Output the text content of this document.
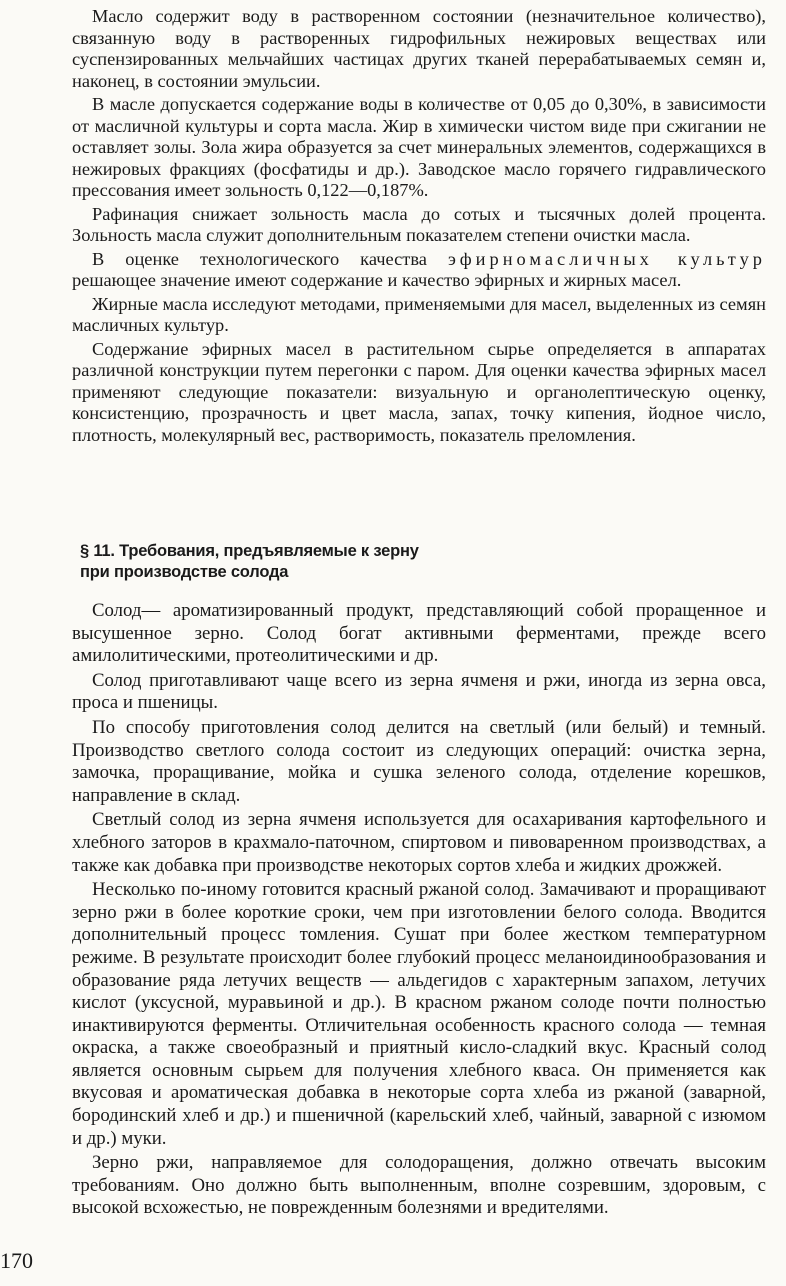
Масло содержит воду в растворенном состоянии (незначительное количество), связанную воду в растворенных гидрофильных нежировых веществах или суспензированных мельчайших частицах других тканей перерабатываемых семян и, наконец, в состоянии эмульсии.

В масле допускается содержание воды в количестве от 0,05 до 0,30%, в зависимости от масличной культуры и сорта масла. Жир в химически чистом виде при сжигании не оставляет золы. Зола жира образуется за счет минеральных элементов, содержащихся в нежировых фракциях (фосфатиды и др.). Заводское масло горячего гидравлического прессования имеет зольность 0,122—0,187%.

Рафинация снижает зольность масла до сотых и тысячных долей процента. Зольность масла служит дополнительным показателем степени очистки масла.

В оценке технологического качества эфирномасличных культур решающее значение имеют содержание и качество эфирных и жирных масел.

Жирные масла исследуют методами, применяемыми для масел, выделенных из семян масличных культур.

Содержание эфирных масел в растительном сырье определяется в аппаратах различной конструкции путем перегонки с паром. Для оценки качества эфирных масел применяют следующие показатели: визуальную и органолептическую оценку, консистенцию, прозрачность и цвет масла, запах, точку кипения, йодное число, плотность, молекулярный вес, растворимость, показатель преломления.

§ 11. Требования, предъявляемые к зерну
при производстве солода

Солод— ароматизированный продукт, представляющий собой проращенное и высушенное зерно. Солод богат активными ферментами, прежде всего амилолитическими, протеолитическими и др.

Солод приготавливают чаще всего из зерна ячменя и ржи, иногда из зерна овса, проса и пшеницы.

По способу приготовления солод делится на светлый (или белый) и темный. Производство светлого солода состоит из следующих операций: очистка зерна, замочка, проращивание, мойка и сушка зеленого солода, отделение корешков, направление в склад.

Светлый солод из зерна ячменя используется для осахаривания картофельного и хлебного заторов в крахмало-паточном, спиртовом и пивоваренном производствах, а также как добавка при производстве некоторых сортов хлеба и жидких дрожжей.

Несколько по-иному готовится красный ржаной солод. Замачивают и проращивают зерно ржи в более короткие сроки, чем при изготовлении белого солода. Вводится дополнительный процесс томления. Сушат при более жестком температурном режиме. В результате происходит более глубокий процесс меланоидинообразования и образование ряда летучих веществ — альдегидов с характерным запахом, летучих кислот (уксусной, муравьиной и др.). В красном ржаном солоде почти полностью инактивируются ферменты. Отличительная особенность красного солода — темная окраска, а также своеобразный и приятный кисло-сладкий вкус. Красный солод является основным сырьем для получения хлебного кваса. Он применяется как вкусовая и ароматическая добавка в некоторые сорта хлеба из ржаной (заварной, бородинский хлеб и др.) и пшеничной (карельский хлеб, чайный, заварной с изюмом и др.) муки.

Зерно ржи, направляемое для солодоращения, должно отвечать высоким требованиям. Оно должно быть выполненным, вполне созревшим, здоровым, с высокой всхожестью, не поврежденным болезнями и вредителями.

170
